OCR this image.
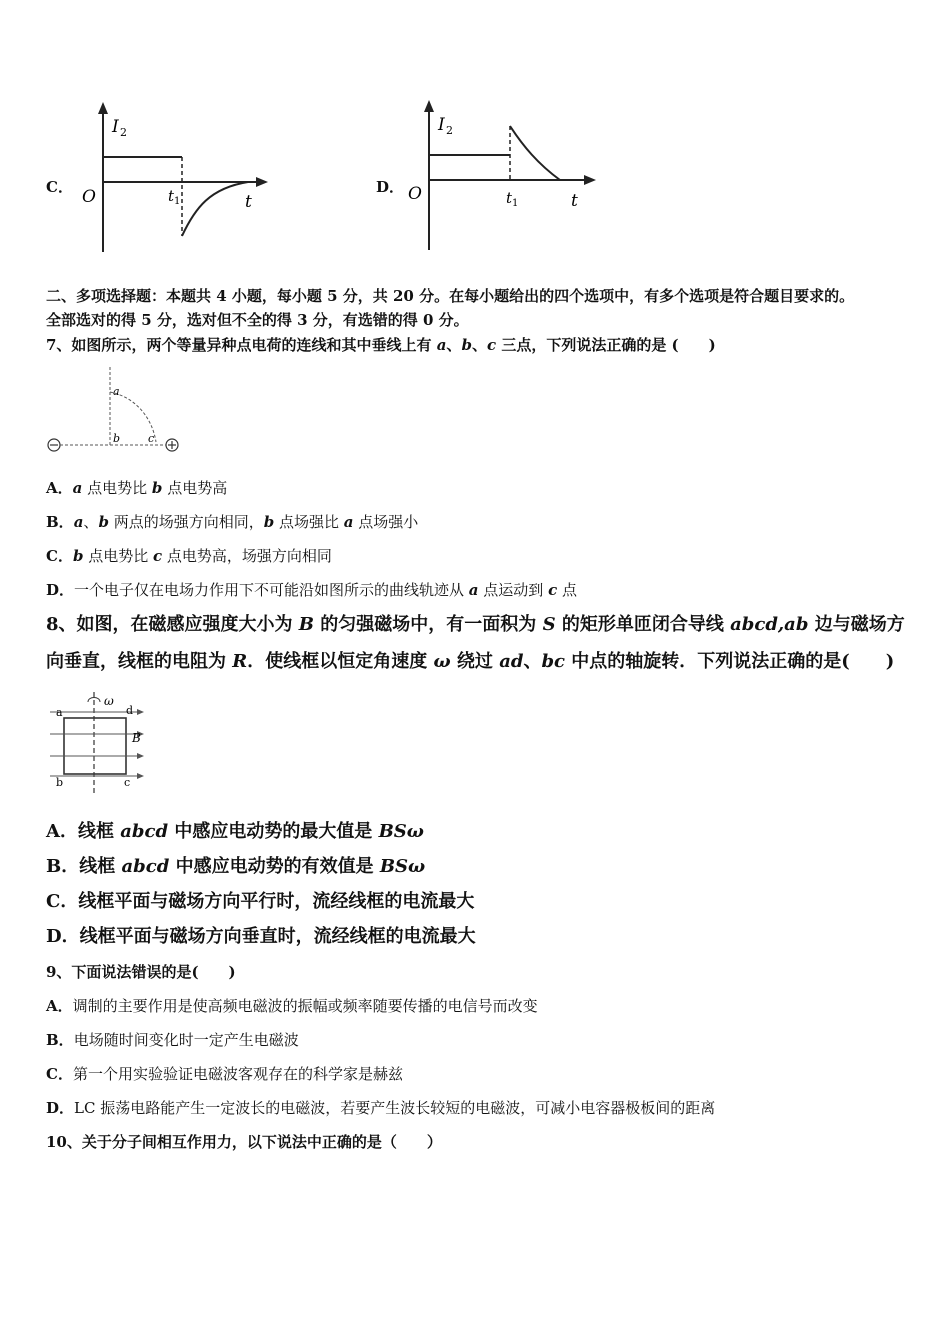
C．
I 2
O	t 1	t
D．
I 2
O	t 1	t
二、多项选择题：本题共 4 小题，每小题 5 分，共 20 分。在每小题给出的四个选项中，有多个选项是符合题目要求的。
全部选对的得 5 分，选对但不全的得 3 分，有选错的得 0 分。
7、如图所示，两个等量异种点电荷的连线和其中垂线上有 a、b、c 三点，下列说法正确的是 (　　)
a
b	c
A．a 点电势比 b 点电势高
B．a、b 两点的场强方向相同，b 点场强比 a 点场强小
C．b 点电势比 c 点电势高，场强方向相同
D．一个电子仅在电场力作用下不可能沿如图所示的曲线轨迹从 a 点运动到 c 点
8、如图，在磁感应强度大小为 B 的匀强磁场中，有一面积为 S 的矩形单匝闭合导线 abcd,ab 边与磁场方
向垂直，线框的电阻为 R．使线框以恒定角速度 ω 绕过 ad、bc 中点的轴旋转．下列说法正确的是(　　)
a
b	c
d
B
ω
A．线框 abcd 中感应电动势的最大值是 BSω
B．线框 abcd 中感应电动势的有效值是 BSω
C．线框平面与磁场方向平行时，流经线框的电流最大
D．线框平面与磁场方向垂直时，流经线框的电流最大
9、下面说法错误的是(　　)
A．调制的主要作用是使高频电磁波的振幅或频率随要传播的电信号而改变
B．电场随时间变化时一定产生电磁波
C．第一个用实验验证电磁波客观存在的科学家是赫兹
D．LC 振荡电路能产生一定波长的电磁波，若要产生波长较短的电磁波，可减小电容器极板间的距离
10、关于分子间相互作用力，以下说法中正确的是（　　）
